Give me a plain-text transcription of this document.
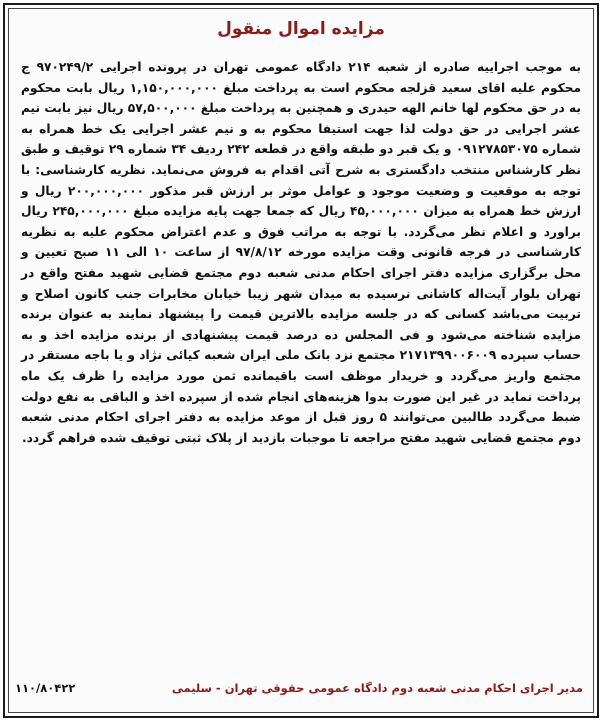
مزایده اموال منقول
به موجب اجراییه صادره از شعبه ۲۱۴ دادگاه عمومی تهران در پرونده اجرایی ۹۷۰۲۴۹/۲ ج محکوم علیه اقای سعید قزلجه محکوم است به پرداخت مبلغ ۱,۱۵۰,۰۰۰,۰۰۰ ریال بابت محکوم به در حق محکوم لها خانم الهه حیدری و همچنین به پرداخت مبلغ ۵۷,۵۰۰,۰۰۰ ریال نیز بابت نیم عشر اجرایی در حق دولت لذا جهت استیفا محکوم به و نیم عشر اجرایی یک خط همراه به شماره ۰۹۱۲۷۸۵۳۰۷۵ و یک قبر دو طبقه واقع در قطعه ۲۴۲ ردیف ۳۴ شماره ۲۹ توقیف و طبق نظر کارشناس منتخب دادگستری به شرح آتی اقدام به فروش می‌نماید. نظریه کارشناسی: با توجه به موقعیت و وضعیت موجود و عوامل موثر بر ارزش قبر مذکور ۲۰۰,۰۰۰,۰۰۰ ریال و ارزش خط همراه به میزان ۴۵,۰۰۰,۰۰۰ ریال که جمعا جهت پایه مزایده مبلغ ۲۴۵,۰۰۰,۰۰۰ ریال براورد و اعلام نظر می‌گردد. با توجه به مراتب فوق و عدم اعتراض محکوم علیه به نظریه کارشناسی در فرجه قانونی وقت مزایده مورخه ۹۷/۸/۱۲ از ساعت ۱۰ الی ۱۱ صبح تعیین و محل برگزاری مزایده دفتر اجرای احکام مدنی شعبه دوم مجتمع قضایی شهید مفتح واقع در تهران بلوار آیت‌اله کاشانی نرسیده به میدان شهر زیبا خیابان مخابرات جنب کانون اصلاح و تربیت می‌باشد کسانی که در جلسه مزایده بالاترین قیمت را پیشنهاد نمایند به عنوان برنده مزایده شناخته می‌شود و فی المجلس ده درصد قیمت پیشنهادی از برنده مزایده اخذ و به حساب سپرده ۲۱۷۱۳۹۹۰۰۶۰۰۹ مجتمع نزد بانک ملی ایران شعبه کیائی نژاد و یا باجه مستقر در مجتمع واریز می‌گردد و خریدار موظف است باقیمانده ثمن مورد مزایده را ظرف یک ماه پرداخت نماید در غیر این صورت بدوا هزینه‌های انجام شده از سپرده اخذ و الباقی به نفع دولت ضبط می‌گردد طالبین می‌توانند ۵ روز قبل از موعد مزایده به دفتر اجرای احکام مدنی شعبه دوم مجتمع قضایی شهید مفتح مراجعه تا موجبات بازدید از پلاک ثبتی توقیف شده فراهم گردد.
مدیر اجرای احکام مدنی شعبه دوم دادگاه عمومی حقوقی تهران - سلیمی
۱۱۰/۸۰۴۲۲
